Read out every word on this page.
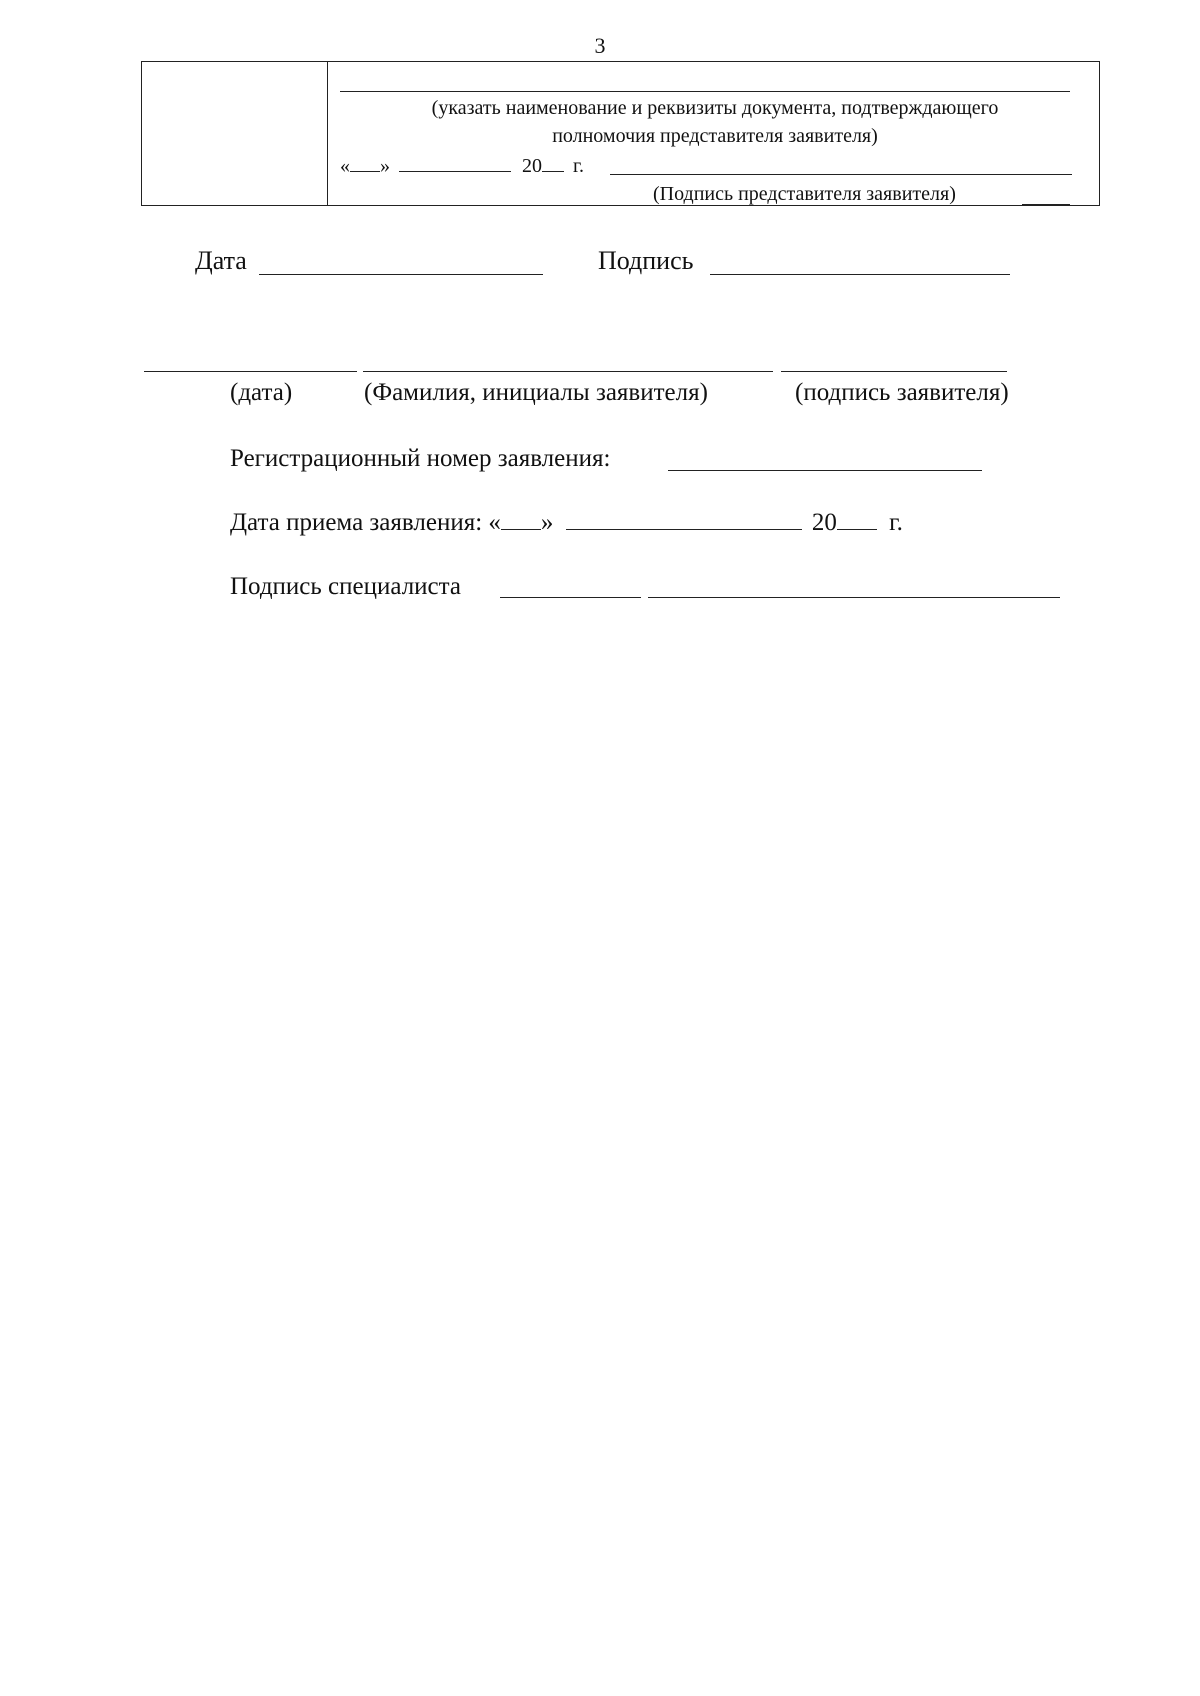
3
(указать наименование и реквизиты документа, подтверждающего
полномочия представителя заявителя)
« »	20 г.
(Подпись представителя заявителя)
Дата	Подпись
(дата)	(Фамилия, инициалы заявителя)	(подпись заявителя)
Регистрационный номер заявления:
Дата приема заявления: « »	20 г.
Подпись специалиста
